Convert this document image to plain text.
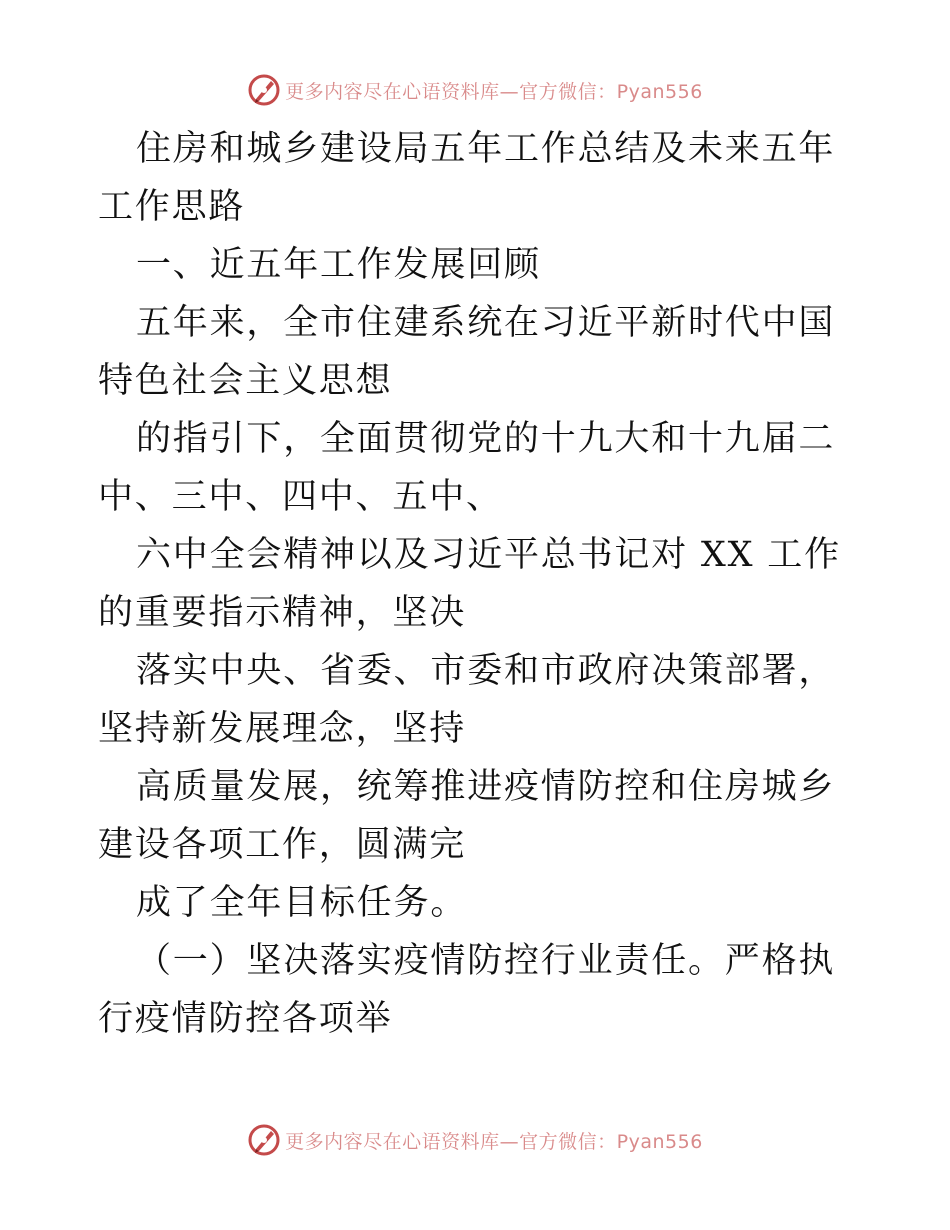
更多内容尽在心语资料库—官方微信：Pyan556

住房和城乡建设局五年工作总结及未来五年工作思路

一、近五年工作发展回顾

五年来，全市住建系统在习近平新时代中国特色社会主义思想

的指引下，全面贯彻党的十九大和十九届二中、三中、四中、五中、

六中全会精神以及习近平总书记对 XX 工作的重要指示精神，坚决

落实中央、省委、市委和市政府决策部署，坚持新发展理念，坚持

高质量发展，统筹推进疫情防控和住房城乡建设各项工作，圆满完

成了全年目标任务。

（一）坚决落实疫情防控行业责任。严格执行疫情防控各项举

更多内容尽在心语资料库—官方微信：Pyan556
